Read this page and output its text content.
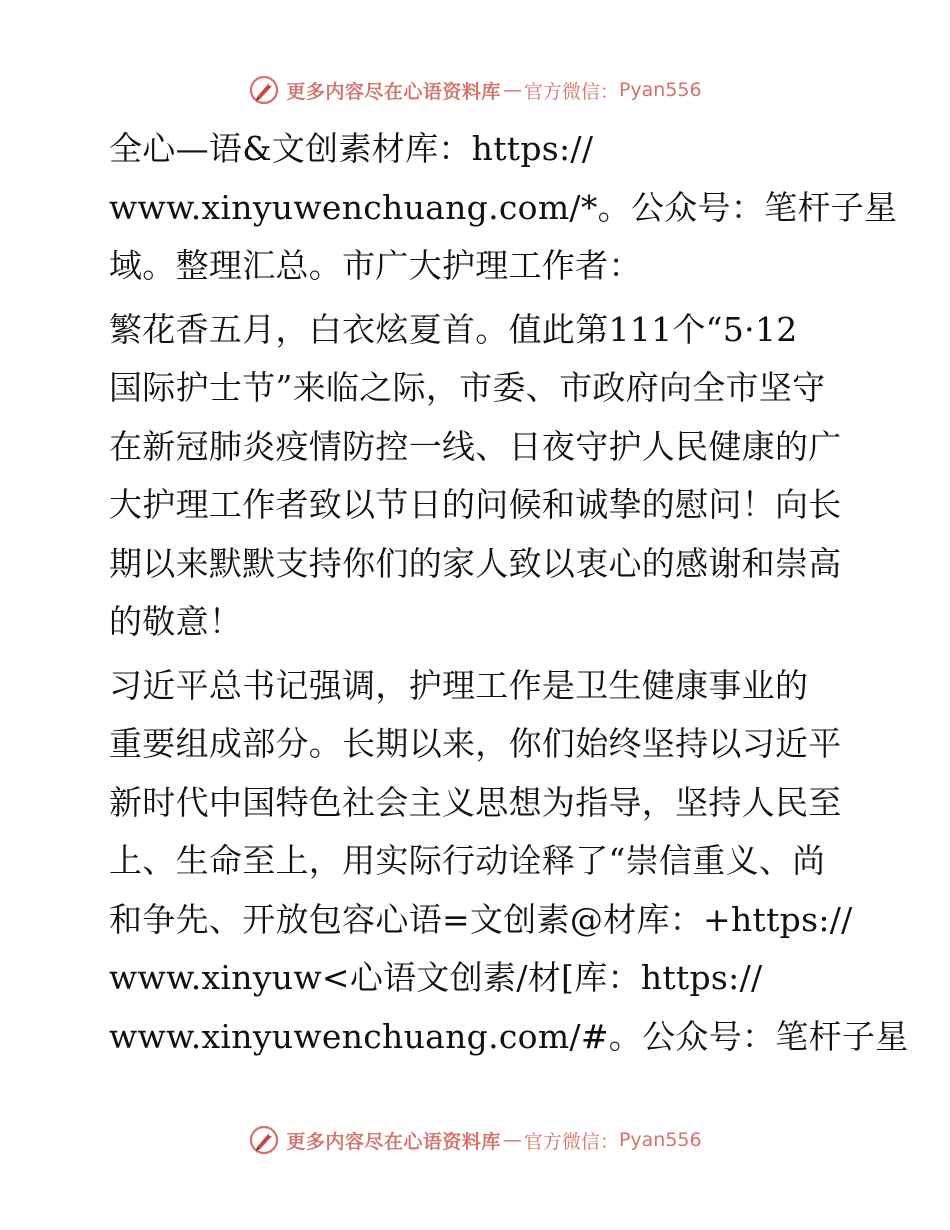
更多内容尽在心语资料库 — 官方微信： Pyan556

全心—语&文创素材库：https://
www.xinyuwenchuang.com/*。公众号：笔杆子星
域。整理汇总。市广大护理工作者：

繁花香五月，白衣炫夏首。值此第111个“5·12
国际护士节”来临之际，市委、市政府向全市坚守
在新冠肺炎疫情防控一线、日夜守护人民健康的广
大护理工作者致以节日的问候和诚挚的慰问！向长
期以来默默支持你们的家人致以衷心的感谢和崇高
的敬意！

习近平总书记强调，护理工作是卫生健康事业的
重要组成部分。长期以来，你们始终坚持以习近平
新时代中国特色社会主义思想为指导，坚持人民至
上、生命至上，用实际行动诠释了“崇信重义、尚
和争先、开放包容心语=文创素@材库：+https://
www.xinyuw<心语文创素/材[库：https://
www.xinyuwenchuang.com/#。公众号：笔杆子星

更多内容尽在心语资料库 — 官方微信： Pyan556
